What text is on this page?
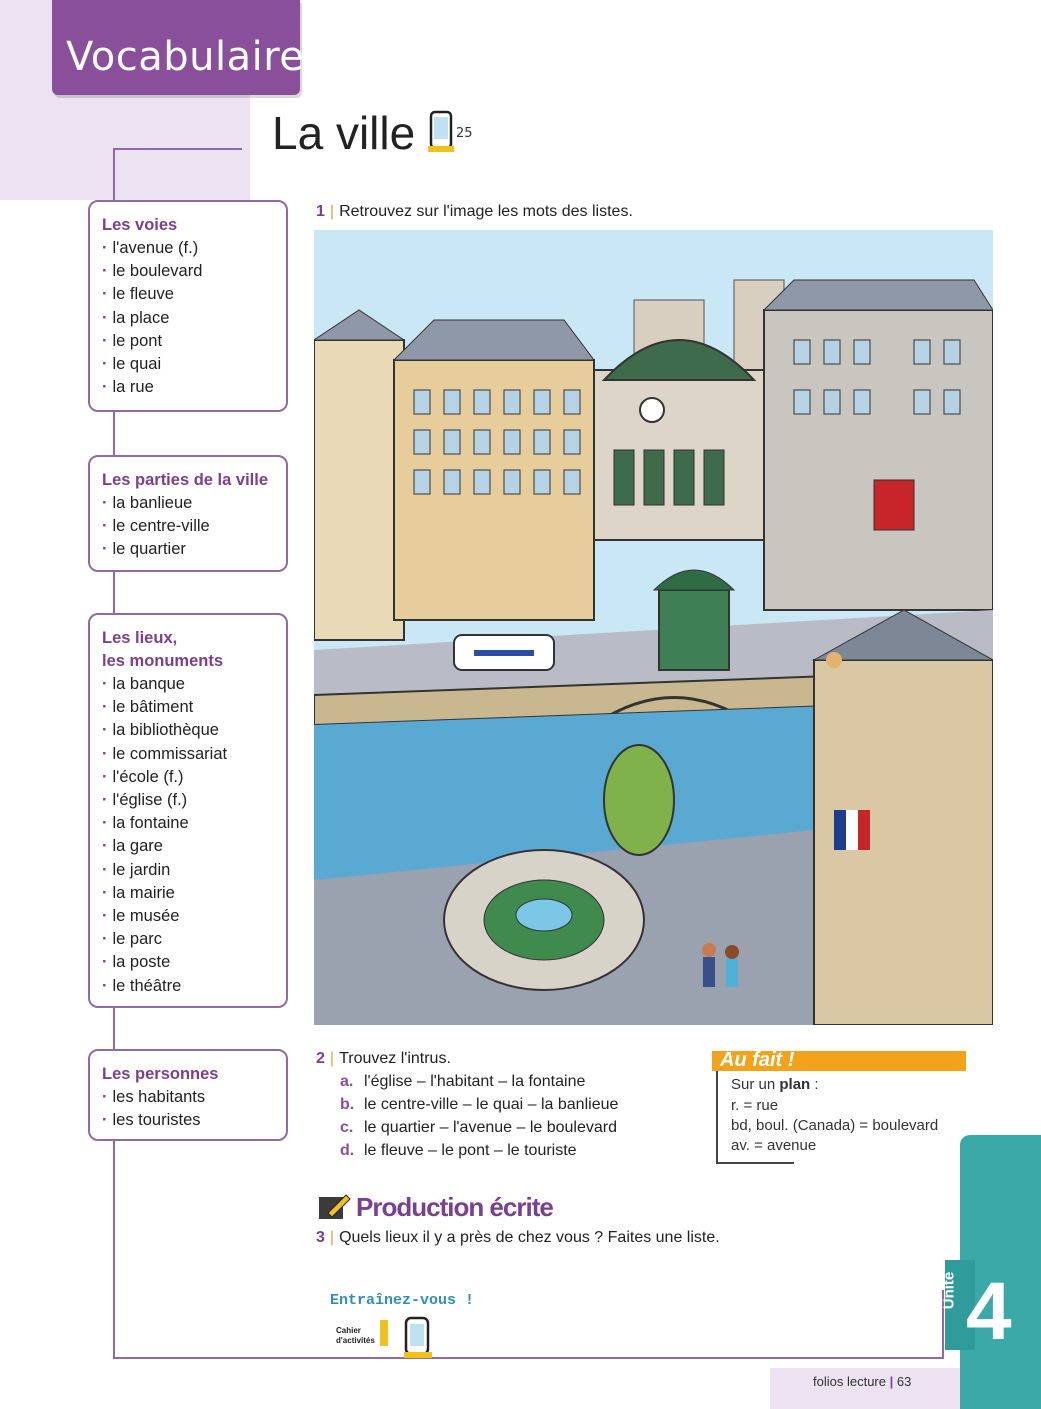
Vocabulaire
La ville	25
Les voies
· l'avenue (f.)
· le boulevard
· le fleuve
· la place
· le pont
· le quai
· la rue
Les parties de la ville
· la banlieue
· le centre-ville
· le quartier
Les lieux,
les monuments
· la banque
· le bâtiment
· la bibliothèque
· le commissariat
· l'école (f.)
· l'église (f.)
· la fontaine
· la gare
· le jardin
· la mairie
· le musée
· le parc
· la poste
· le théâtre
Les personnes
· les habitants
· les touristes
1 | Retrouvez sur l'image les mots des listes.
2 | Trouvez l'intrus.
a. l'église – l'habitant – la fontaine
b. le centre-ville – le quai – la banlieue
c. le quartier – l'avenue – le boulevard
d. le fleuve – le pont – le touriste
Au fait !
Sur un plan :
r. = rue
bd, boul. (Canada) = boulevard
av. = avenue
Production écrite
3 | Quels lieux il y a près de chez vous ? Faites une liste.
Entraînez-vous !
Cahier d'activités
Unité 4
folios lecture | 63
